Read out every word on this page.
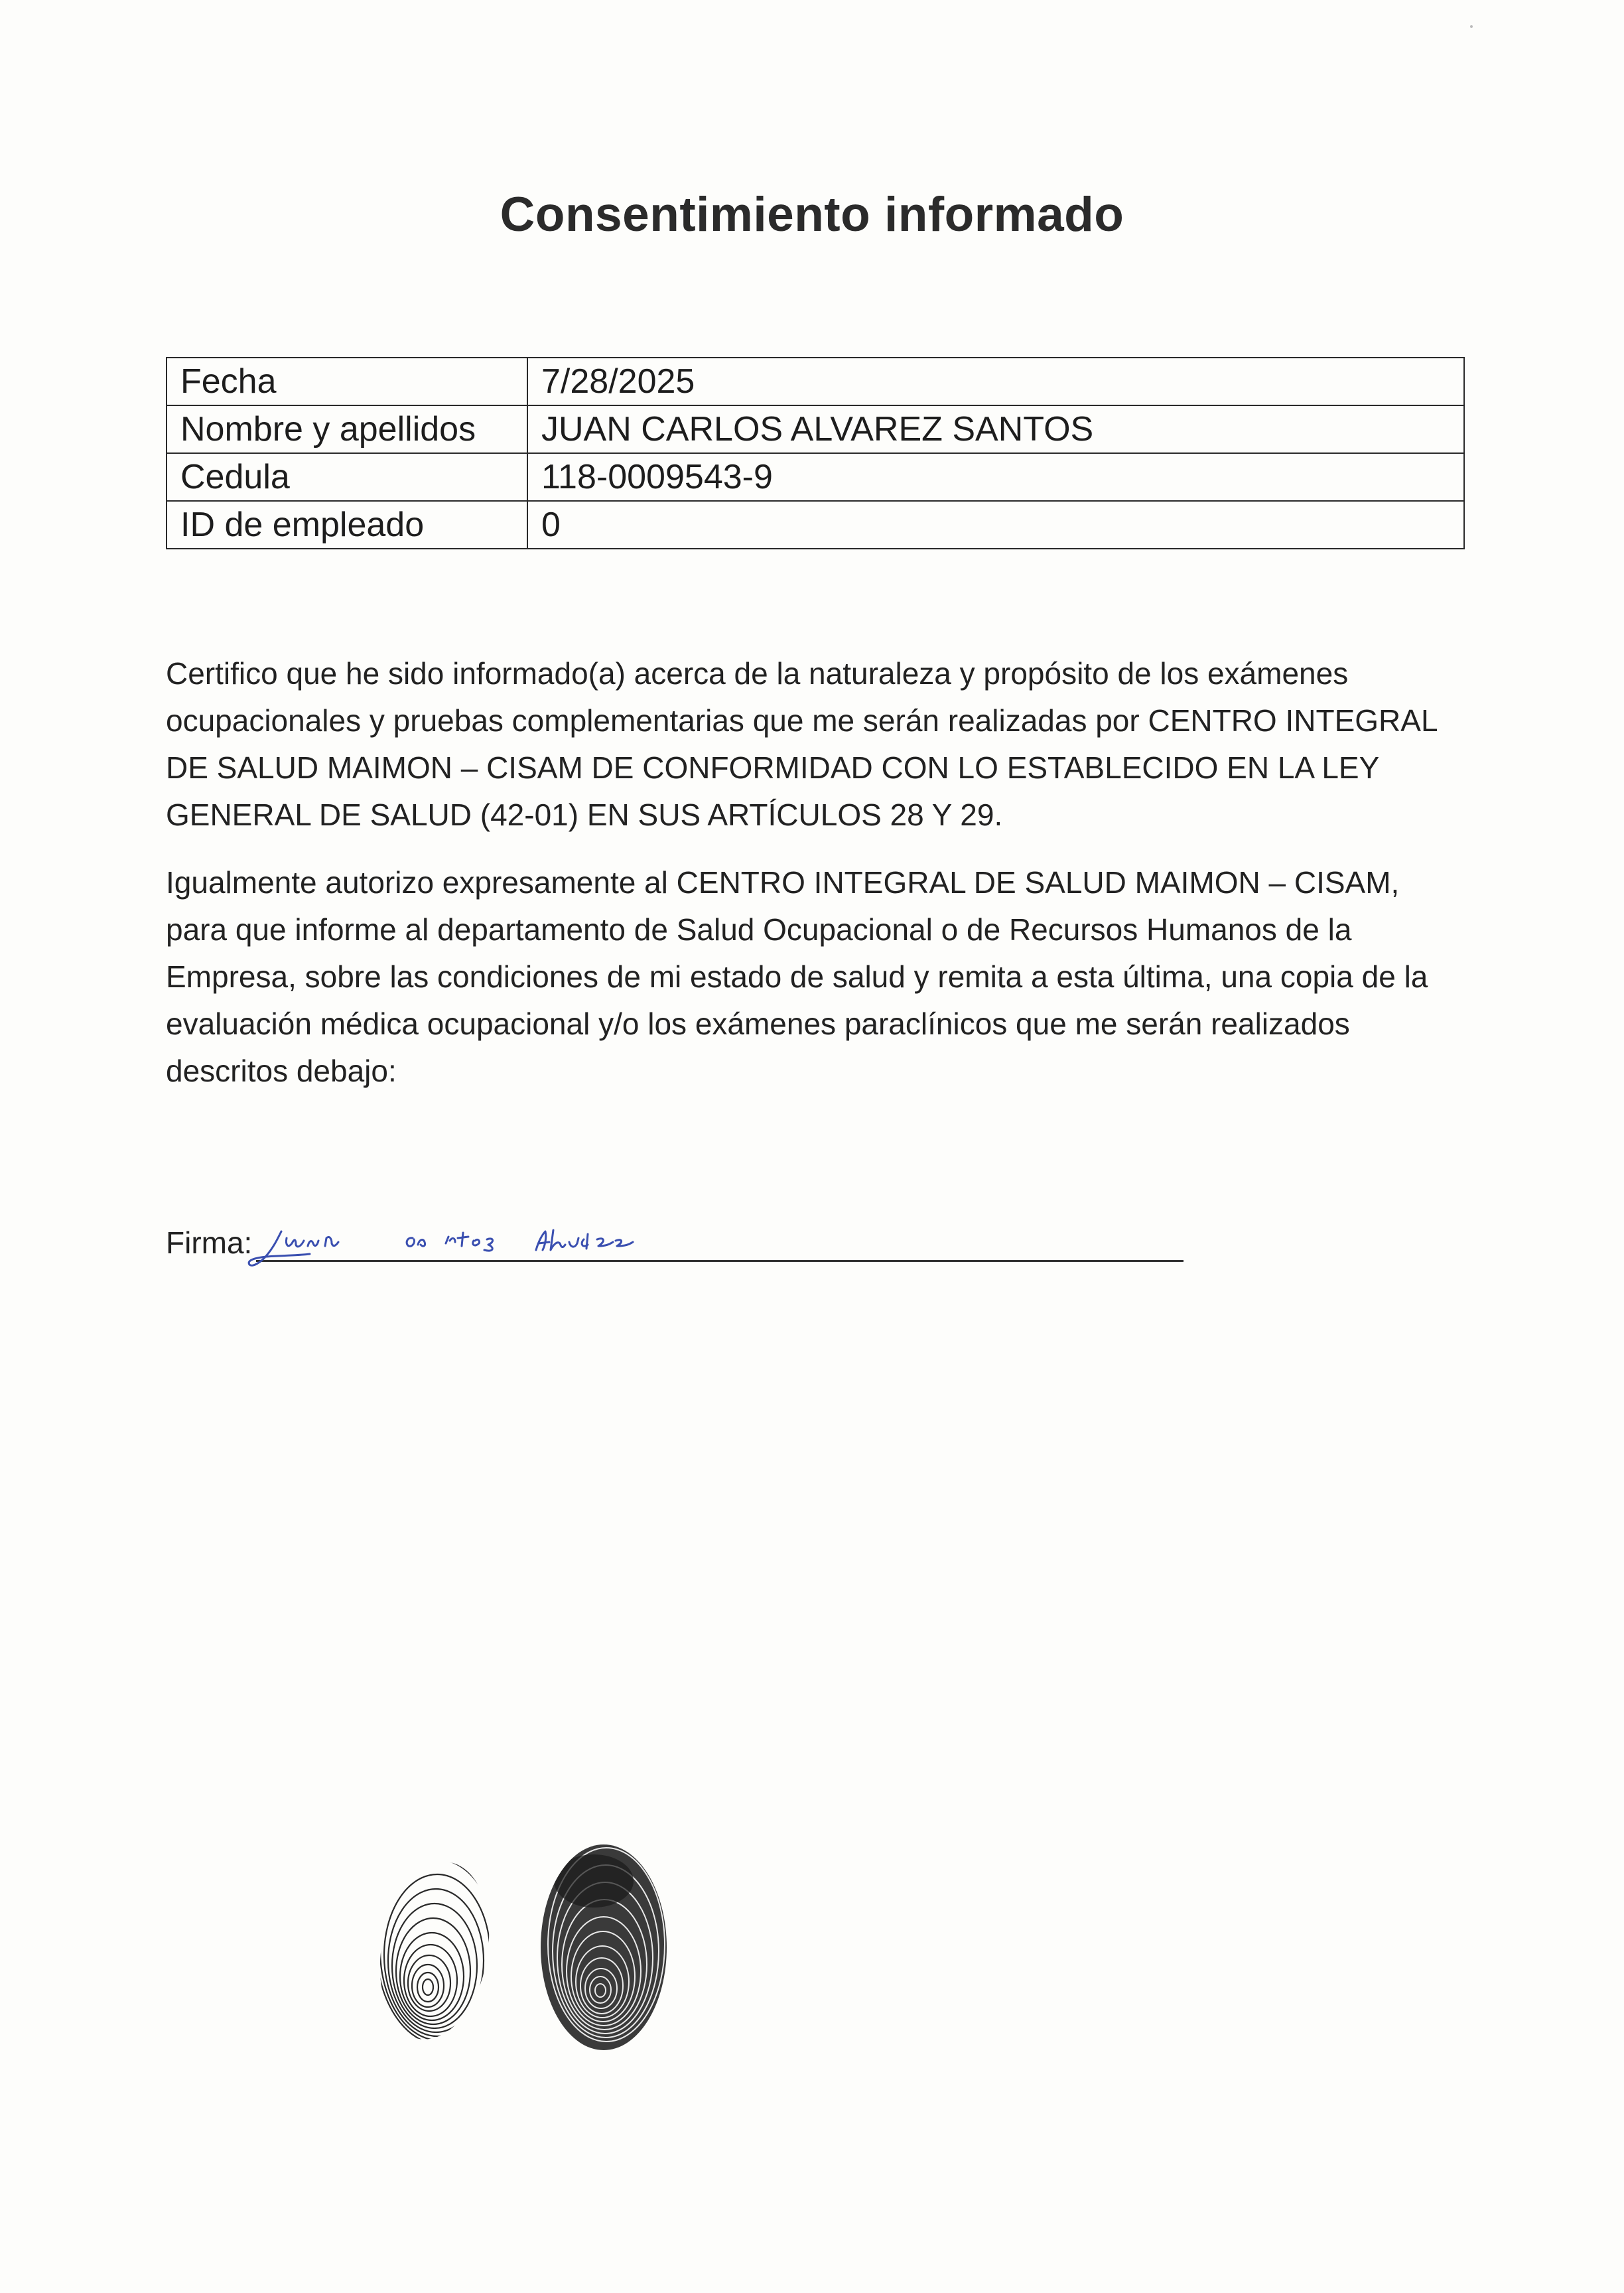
Consentimiento informado
Fecha	7/28/2025
Nombre y apellidos	JUAN CARLOS ALVAREZ SANTOS
Cedula	118-0009543-9
ID de empleado	0

Certifico que he sido informado(a) acerca de la naturaleza y propósito de los exámenes ocupacionales y pruebas complementarias que me serán realizadas por CENTRO INTEGRAL DE SALUD MAIMON – CISAM DE CONFORMIDAD CON LO ESTABLECIDO EN LA LEY GENERAL DE SALUD (42-01) EN SUS ARTÍCULOS 28 Y 29.

Igualmente autorizo expresamente al CENTRO INTEGRAL DE SALUD MAIMON – CISAM, para que informe al departamento de Salud Ocupacional o de Recursos Humanos de la Empresa, sobre las condiciones de mi estado de salud y remita a esta última, una copia de la evaluación médica ocupacional y/o los exámenes paraclínicos que me serán realizados descritos debajo:

Firma:
